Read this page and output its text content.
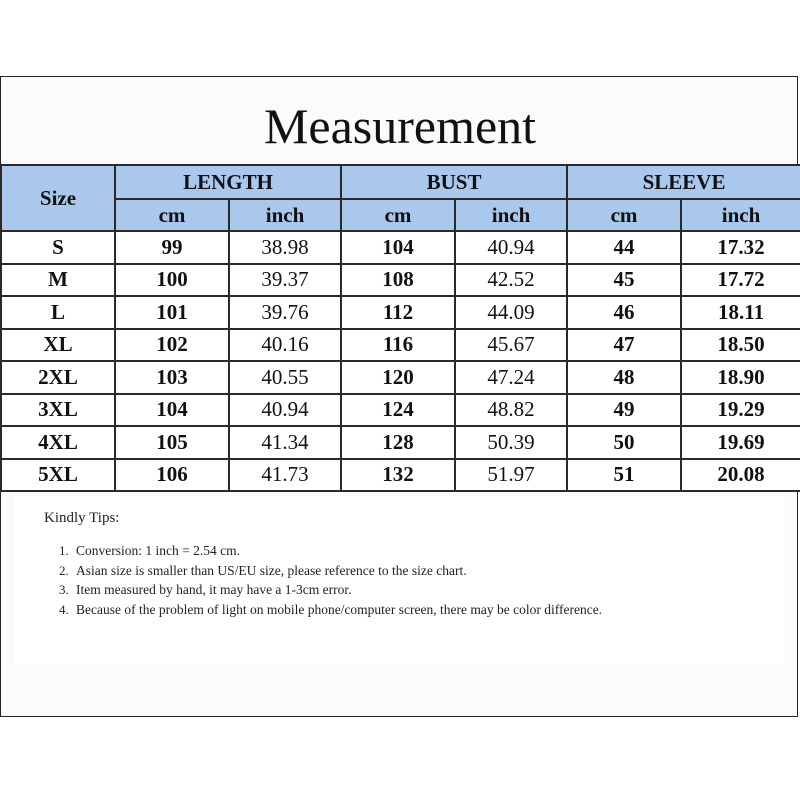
Measurement
Size	LENGTH		BUST		SLEEVE	
	cm	inch	cm	inch	cm	inch
S	99	38.98	104	40.94	44	17.32
M	100	39.37	108	42.52	45	17.72
L	101	39.76	112	44.09	46	18.11
XL	102	40.16	116	45.67	47	18.50
2XL	103	40.55	120	47.24	48	18.90
3XL	104	40.94	124	48.82	49	19.29
4XL	105	41.34	128	50.39	50	19.69
5XL	106	41.73	132	51.97	51	20.08
Kindly Tips:
1. Conversion: 1 inch = 2.54 cm.
2. Asian size is smaller than US/EU size, please reference to the size chart.
3. Item measured by hand, it may have a 1-3cm error.
4. Because of the problem of light on mobile phone/computer screen, there may be color difference.
